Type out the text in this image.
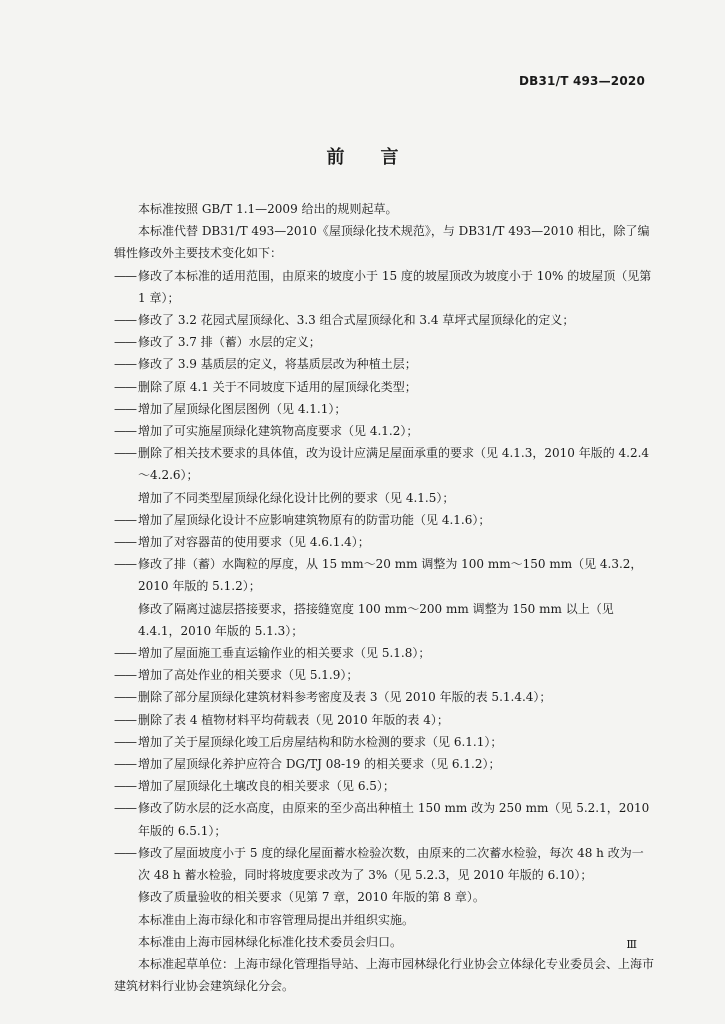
DB31/T 493—2020
前言

本标准按照 GB/T 1.1—2009 给出的规则起草。

本标准代替 DB31/T 493—2010《屋顶绿化技术规范》，与 DB31/T 493—2010 相比，除了编辑性修改外主要技术变化如下：

—— 修改了本标准的适用范围，由原来的坡度小于 15 度的坡屋顶改为坡度小于 10% 的坡屋顶（见第 1 章）；

—— 修改了 3.2 花园式屋顶绿化、3.3 组合式屋顶绿化和 3.4 草坪式屋顶绿化的定义；

—— 修改了 3.7 排（蓄）水层的定义；

—— 修改了 3.9 基质层的定义，将基质层改为种植土层；

—— 删除了原 4.1 关于不同坡度下适用的屋顶绿化类型；

—— 增加了屋顶绿化图层图例（见 4.1.1）；

—— 增加了可实施屋顶绿化建筑物高度要求（见 4.1.2）；

—— 删除了相关技术要求的具体值，改为设计应满足屋面承重的要求（见 4.1.3，2010 年版的 4.2.4～4.2.6）；

增加了不同类型屋顶绿化绿化设计比例的要求（见 4.1.5）；

—— 增加了屋顶绿化设计不应影响建筑物原有的防雷功能（见 4.1.6）；

—— 增加了对容器苗的使用要求（见 4.6.1.4）；

—— 修改了排（蓄）水陶粒的厚度，从 15 mm～20 mm 调整为 100 mm～150 mm（见 4.3.2，2010 年版的 5.1.2）；

修改了隔离过滤层搭接要求，搭接缝宽度 100 mm～200 mm 调整为 150 mm 以上（见 4.4.1，2010 年版的 5.1.3）；

—— 增加了屋面施工垂直运输作业的相关要求（见 5.1.8）；

—— 增加了高处作业的相关要求（见 5.1.9）；

—— 删除了部分屋顶绿化建筑材料参考密度及表 3（见 2010 年版的表 5.1.4.4）；

—— 删除了表 4 植物材料平均荷载表（见 2010 年版的表 4）；

—— 增加了关于屋顶绿化竣工后房屋结构和防水检测的要求（见 6.1.1）；

—— 增加了屋顶绿化养护应符合 DG/TJ 08-19 的相关要求（见 6.1.2）；

—— 增加了屋顶绿化土壤改良的相关要求（见 6.5）；

—— 修改了防水层的泛水高度，由原来的至少高出种植土 150 mm 改为 250 mm（见 5.2.1，2010 年版的 6.5.1）；

—— 修改了屋面坡度小于 5 度的绿化屋面蓄水检验次数，由原来的二次蓄水检验，每次 48 h 改为一次 48 h 蓄水检验，同时将坡度要求改为了 3%（见 5.2.3，见 2010 年版的 6.10）；

修改了质量验收的相关要求（见第 7 章，2010 年版的第 8 章）。

本标准由上海市绿化和市容管理局提出并组织实施。

本标准由上海市园林绿化标准化技术委员会归口。

本标准起草单位：上海市绿化管理指导站、上海市园林绿化行业协会立体绿化专业委员会、上海市建筑材料行业协会建筑绿化分会。

Ⅲ
